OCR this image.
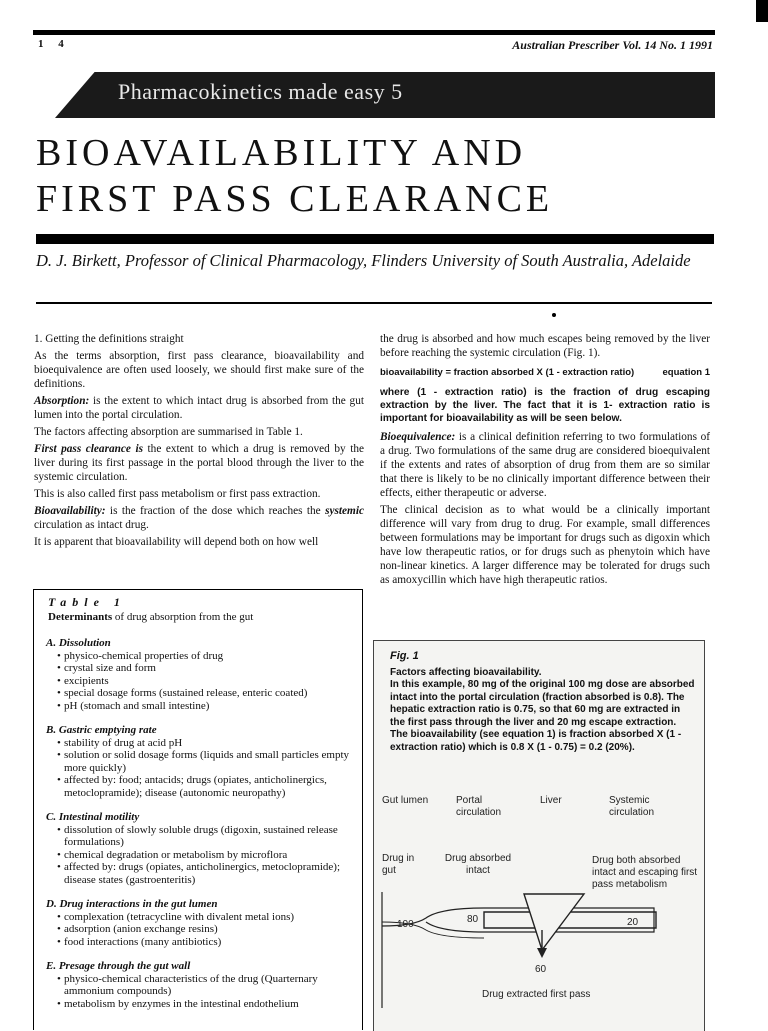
1 4	Australian Prescriber Vol. 14 No. 1 1991
Pharmacokinetics made easy 5
BIOAVAILABILITY AND
FIRST PASS CLEARANCE
D. J. Birkett, Professor of Clinical Pharmacology, Flinders University of South Australia, Adelaide

1. Getting the definitions straight

As the terms absorption, first pass clearance, bioavailability and bioequivalence are often used loosely, we should first make sure of the definitions.

Absorption: is the extent to which intact drug is absorbed from the gut lumen into the portal circulation.

The factors affecting absorption are summarised in Table 1.

First pass clearance is the extent to which a drug is removed by the liver during its first passage in the portal blood through the liver to the systemic circulation.

This is also called first pass metabolism or first pass extraction.

Bioavailability: is the fraction of the dose which reaches the systemic circulation as intact drug.

It is apparent that bioavailability will depend both on how well

the drug is absorbed and how much escapes being removed by the liver before reaching the systemic circulation (Fig. 1).

bioavailability = fraction absorbed X (1 - extraction ratio)	equation 1

where (1 - extraction ratio) is the fraction of drug escaping extraction by the liver. The fact that it is 1- extraction ratio is important for bioavailability as will be seen below.

Bioequivalence: is a clinical definition referring to two formulations of a drug. Two formulations of the same drug are considered bioequivalent if the extents and rates of absorption of drug from them are so similar that there is likely to be no clinically important difference between their effects, either therapeutic or adverse.

The clinical decision as to what would be a clinically important difference will vary from drug to drug. For example, small differences between formulations may be important for drugs such as digoxin which have low therapeutic ratios, or for drugs such as phenytoin which have non-linear kinetics. A larger difference may be tolerated for drugs such as amoxycillin which have high therapeutic ratios.

Table 1
Determinants of drug absorption from the gut
A. Dissolution
• physico-chemical properties of drug
• crystal size and form
• excipients
• special dosage forms (sustained release, enteric coated)
• pH (stomach and small intestine)
B. Gastric emptying rate
• stability of drug at acid pH
• solution or solid dosage forms (liquids and small particles empty more quickly)
• affected by: food; antacids; drugs (opiates, anticholinergics, metoclopramide); disease (autonomic neuropathy)
C. Intestinal motility
• dissolution of slowly soluble drugs (digoxin, sustained release formulations)
• chemical degradation or metabolism by microflora
• affected by: drugs (opiates, anticholinergics, metoclopramide); disease states (gastroenteritis)
D. Drug interactions in the gut lumen
• complexation (tetracycline with divalent metal ions)
• adsorption (anion exchange resins)
• food interactions (many antibiotics)
E. Presage through the gut wall
• physico-chemical characteristics of the drug (Quarternary ammonium compounds)
• metabolism by enzymes in the intestinal endothelium
Fig. 1
Factors affecting bioavailability.
In this example, 80 mg of the original 100 mg dose are absorbed intact into the portal circulation (fraction absorbed is 0.8). The hepatic extraction ratio is 0.75, so that 60 mg are extracted in the first pass through the liver and 20 mg escape extraction. The bioavailability (see equation 1) is fraction absorbed X (1 - extraction ratio) which is 0.8 X (1 - 0.75) = 0.2 (20%).
Gut lumen	Portal circulation
Liver	Systemic circulation
Drug in gut
Drug absorbed intact
Drug both absorbed intact and escaping first pass metabolism
100	80	20
60
Drug extracted first pass
